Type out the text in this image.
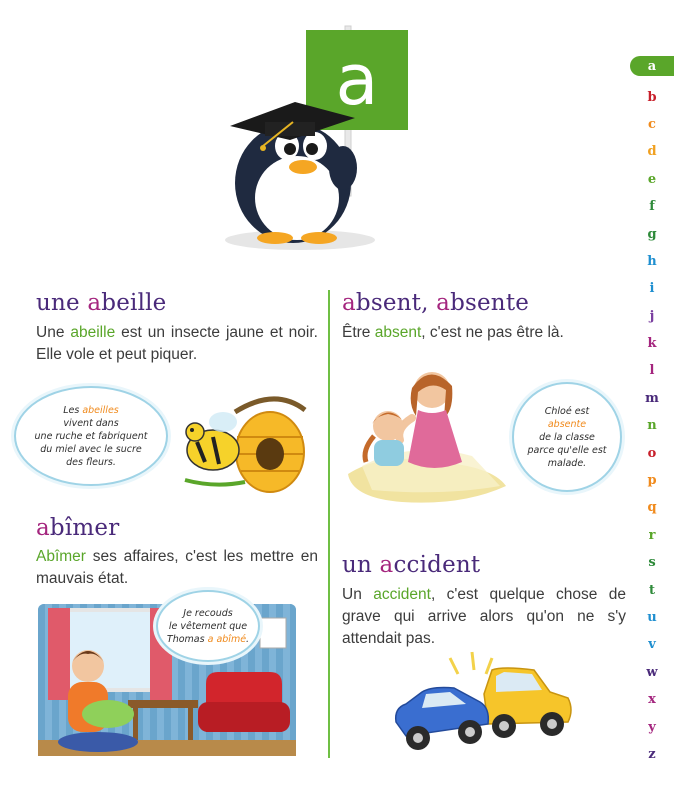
a
une abeille
Une abeille est un insecte jaune et noir. Elle vole et peut piquer.
Les abeilles
vivent dans
une ruche et fabriquent
du miel avec le sucre
des fleurs.
abîmer
Abîmer ses affaires, c'est les mettre en mauvais état.
Je recouds
le vêtement que
Thomas a abîmé.
absent, absente
Être absent, c'est ne pas être là.
Chloé est
absente
de la classe
parce qu'elle est
malade.
un accident
Un accident, c'est quelque chose de grave qui arrive alors qu'on ne s'y attendait pas.
a
b
c
d
e
f
g
h
i
j
k
l
m
n
o
p
q
r
s
t
u
v
w
x
y
z
